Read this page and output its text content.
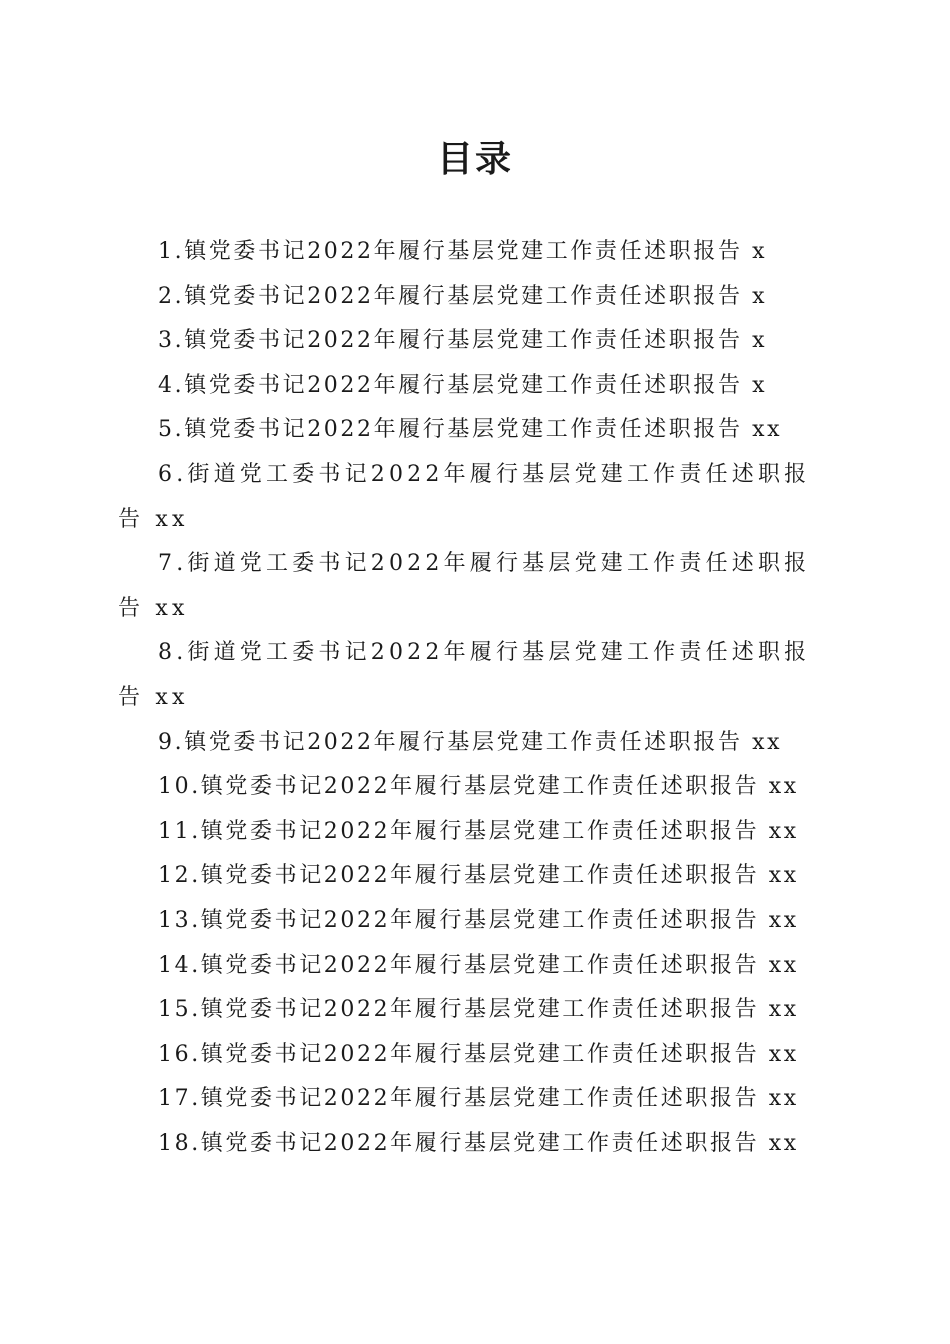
目录
1.镇党委书记2022年履行基层党建工作责任述职报告 x
2.镇党委书记2022年履行基层党建工作责任述职报告 x
3.镇党委书记2022年履行基层党建工作责任述职报告 x
4.镇党委书记2022年履行基层党建工作责任述职报告 x
5.镇党委书记2022年履行基层党建工作责任述职报告 xx
6.街道党工委书记2022年履行基层党建工作责任述职报告 xx
7.街道党工委书记2022年履行基层党建工作责任述职报告 xx
8.街道党工委书记2022年履行基层党建工作责任述职报告 xx
9.镇党委书记2022年履行基层党建工作责任述职报告 xx
10.镇党委书记2022年履行基层党建工作责任述职报告 xx
11.镇党委书记2022年履行基层党建工作责任述职报告 xx
12.镇党委书记2022年履行基层党建工作责任述职报告 xx
13.镇党委书记2022年履行基层党建工作责任述职报告 xx
14.镇党委书记2022年履行基层党建工作责任述职报告 xx
15.镇党委书记2022年履行基层党建工作责任述职报告 xx
16.镇党委书记2022年履行基层党建工作责任述职报告 xx
17.镇党委书记2022年履行基层党建工作责任述职报告 xx
18.镇党委书记2022年履行基层党建工作责任述职报告 xx
